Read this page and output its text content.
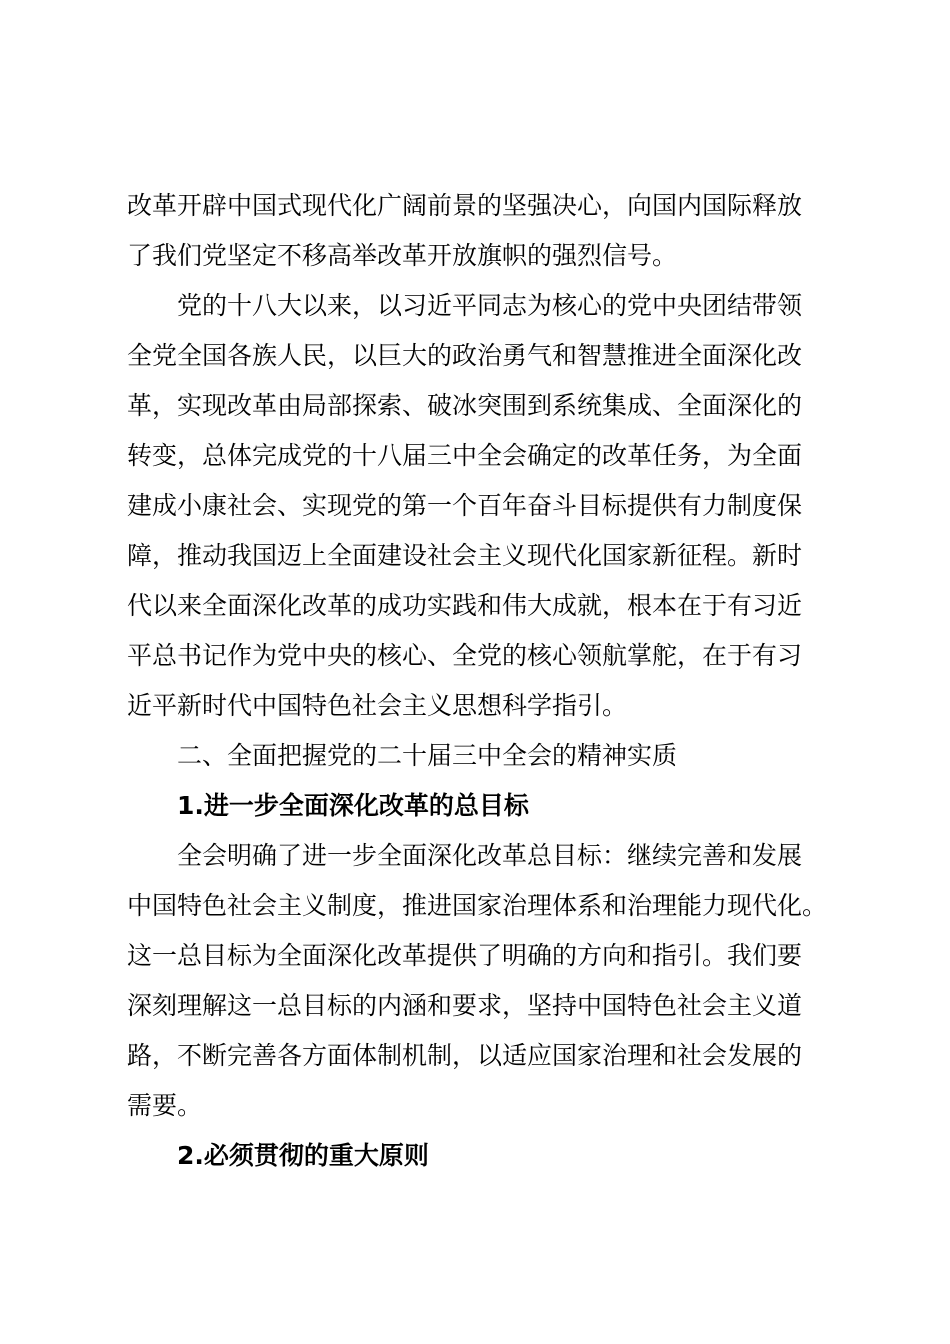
改革开辟中国式现代化广阔前景的坚强决心，向国内国际释放

了我们党坚定不移高举改革开放旗帜的强烈信号。

党的十八大以来，以习近平同志为核心的党中央团结带领

全党全国各族人民，以巨大的政治勇气和智慧推进全面深化改

革，实现改革由局部探索、破冰突围到系统集成、全面深化的

转变，总体完成党的十八届三中全会确定的改革任务，为全面

建成小康社会、实现党的第一个百年奋斗目标提供有力制度保

障，推动我国迈上全面建设社会主义现代化国家新征程。新时

代以来全面深化改革的成功实践和伟大成就，根本在于有习近

平总书记作为党中央的核心、全党的核心领航掌舵，在于有习

近平新时代中国特色社会主义思想科学指引。

二、全面把握党的二十届三中全会的精神实质

1.进一步全面深化改革的总目标

全会明确了进一步全面深化改革总目标：继续完善和发展

中国特色社会主义制度，推进国家治理体系和治理能力现代化。

这一总目标为全面深化改革提供了明确的方向和指引。我们要

深刻理解这一总目标的内涵和要求，坚持中国特色社会主义道

路，不断完善各方面体制机制，以适应国家治理和社会发展的

需要。

2.必须贯彻的重大原则
